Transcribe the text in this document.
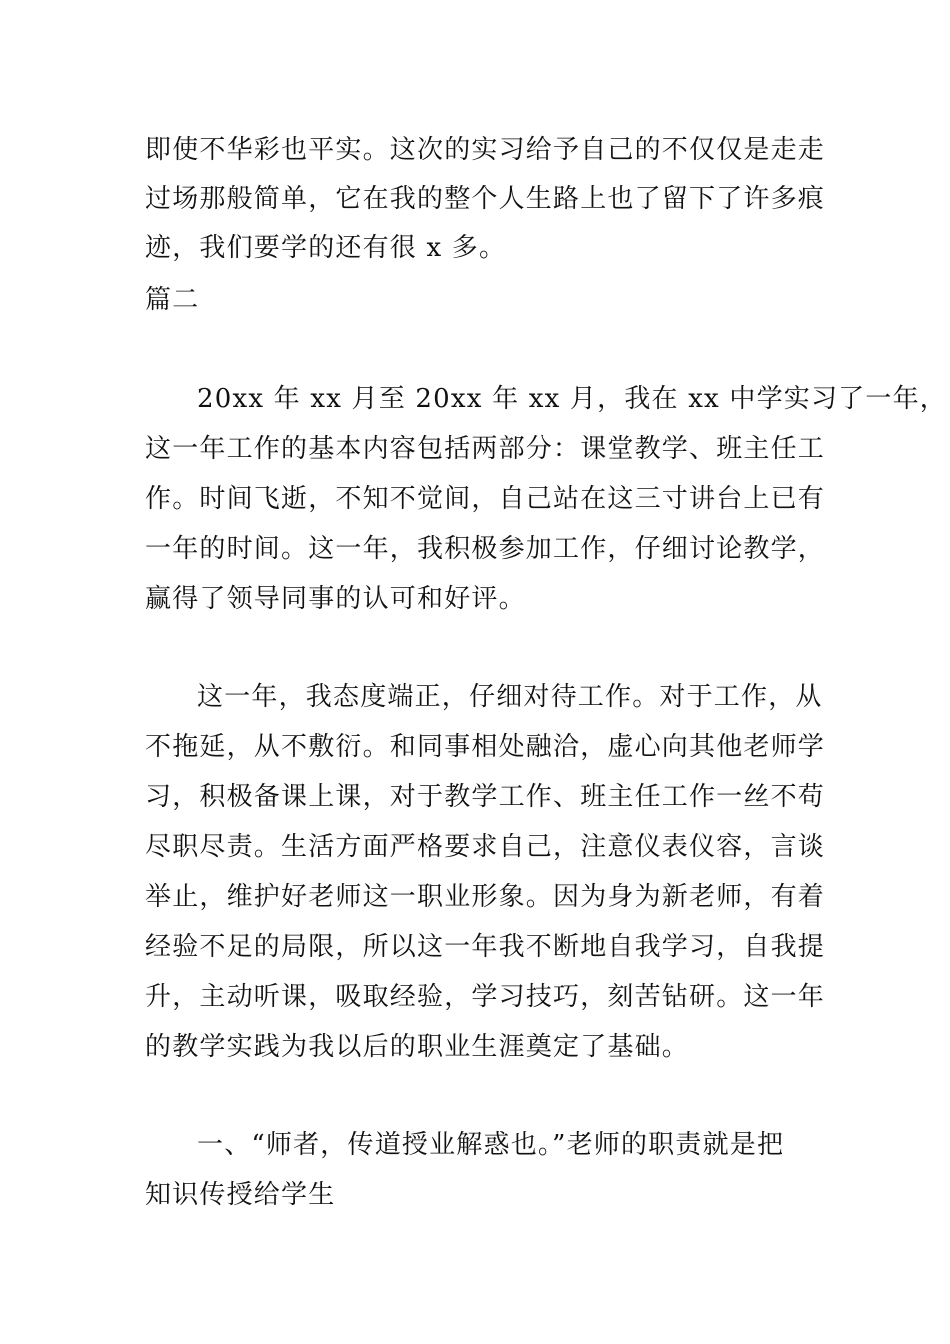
即使不华彩也平实。这次的实习给予自己的不仅仅是走走
过场那般简单，它在我的整个人生路上也了留下了许多痕
迹，我们要学的还有很 x 多。
篇二
20xx 年 xx 月至 20xx 年 xx 月，我在 xx 中学实习了一年，
这一年工作的基本内容包括两部分：课堂教学、班主任工
作。时间飞逝，不知不觉间，自己站在这三寸讲台上已有
一年的时间。这一年，我积极参加工作，仔细讨论教学，
赢得了领导同事的认可和好评。
这一年，我态度端正，仔细对待工作。对于工作，从
不拖延，从不敷衍。和同事相处融洽，虚心向其他老师学
习，积极备课上课，对于教学工作、班主任工作一丝不苟
尽职尽责。生活方面严格要求自己，注意仪表仪容，言谈
举止，维护好老师这一职业形象。因为身为新老师，有着
经验不足的局限，所以这一年我不断地自我学习，自我提
升，主动听课，吸取经验，学习技巧，刻苦钻研。这一年
的教学实践为我以后的职业生涯奠定了基础。
一、“师者，传道授业解惑也。”老师的职责就是把
知识传授给学生
